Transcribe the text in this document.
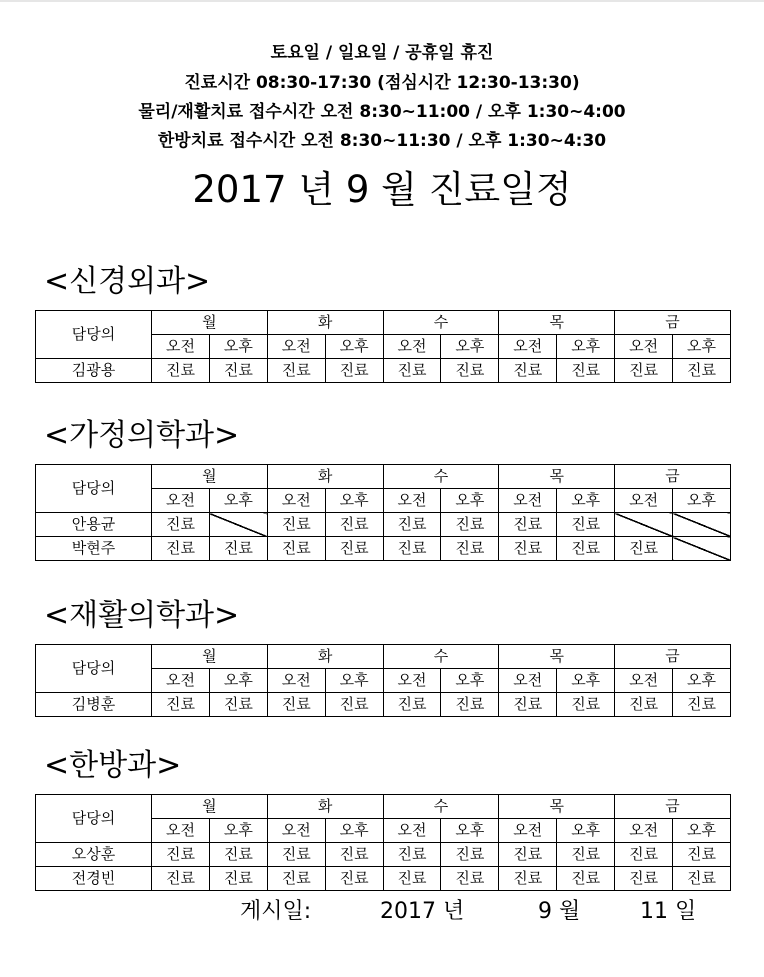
토요일 / 일요일 / 공휴일 휴진
진료시간 08:30-17:30 (점심시간 12:30-13:30)
물리/재활치료 접수시간 오전 8:30~11:00 / 오후 1:30~4:00
한방치료 접수시간 오전 8:30~11:30 / 오후 1:30~4:30
2017 년 9 월 진료일정
<신경외과>
담당의	월		화		수		목		금	
	오전	오후	오전	오후	오전	오후	오전	오후	오전	오후
김광용	진료	진료	진료	진료	진료	진료	진료	진료	진료	진료
<가정의학과>
담당의	월		화		수		목		금	
	오전	오후	오전	오후	오전	오후	오전	오후	오전	오후
안용균	진료		진료	진료	진료	진료	진료	진료		
박현주	진료	진료	진료	진료	진료	진료	진료	진료	진료	
<재활의학과>
담당의	월		화		수		목		금	
	오전	오후	오전	오후	오전	오후	오전	오후	오전	오후
김병훈	진료	진료	진료	진료	진료	진료	진료	진료	진료	진료
<한방과>
담당의	월		화		수		목		금	
	오전	오후	오전	오후	오전	오후	오전	오후	오전	오후
오상훈	진료	진료	진료	진료	진료	진료	진료	진료	진료	진료
전경빈	진료	진료	진료	진료	진료	진료	진료	진료	진료	진료
게시일:	2017 년	9 월	11 일
